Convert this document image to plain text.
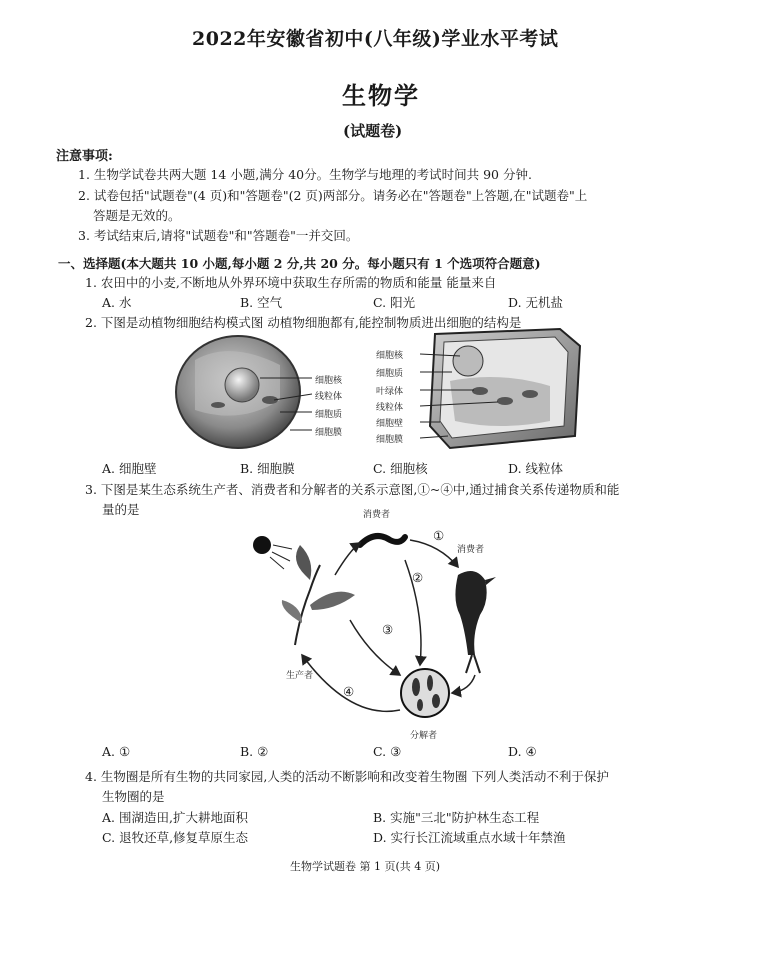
2022年安徽省初中(八年级)学业水平考试
生物学
(试题卷)
注意事项:
1. 生物学试卷共两大题 14 小题,满分 40分。生物学与地理的考试时间共 90 分钟.
2. 试卷包括"试题卷"(4 页)和"答题卷"(2 页)两部分。请务必在"答题卷"上答题,在"试题卷"上
答题是无效的。
3. 考试结束后,请将"试题卷"和"答题卷"一并交回。
一、选择题(本大题共 10 小题,每小题 2 分,共 20 分。每小题只有 1 个选项符合题意)
1. 农田中的小麦,不断地从外界环境中获取生存所需的物质和能量 能量来自
A. 水	B. 空气	C. 阳光	D. 无机盐
2. 下图是动植物细胞结构模式图 动植物细胞都有,能控制物质进出细胞的结构是
细胞核
线粒体
细胞质
细胞膜
细胞核
细胞质
叶绿体
线粒体
细胞壁
细胞膜
A. 细胞壁	B. 细胞膜	C. 细胞核	D. 线粒体
3. 下图是某生态系统生产者、消费者和分解者的关系示意图,①~④中,通过捕食关系传递物质和能
量的是	消费者
消费者
生产者
分解者
①
②
③
④
A. ①	B. ②	C. ③	D. ④
4. 生物圈是所有生物的共同家园,人类的活动不断影响和改变着生物圈 下列人类活动不利于保护
生物圈的是
A. 围湖造田,扩大耕地面积	B. 实施"三北"防护林生态工程
C. 退牧还草,修复草原生态	D. 实行长江流域重点水域十年禁渔
生物学试题卷 第 1 页(共 4 页)
